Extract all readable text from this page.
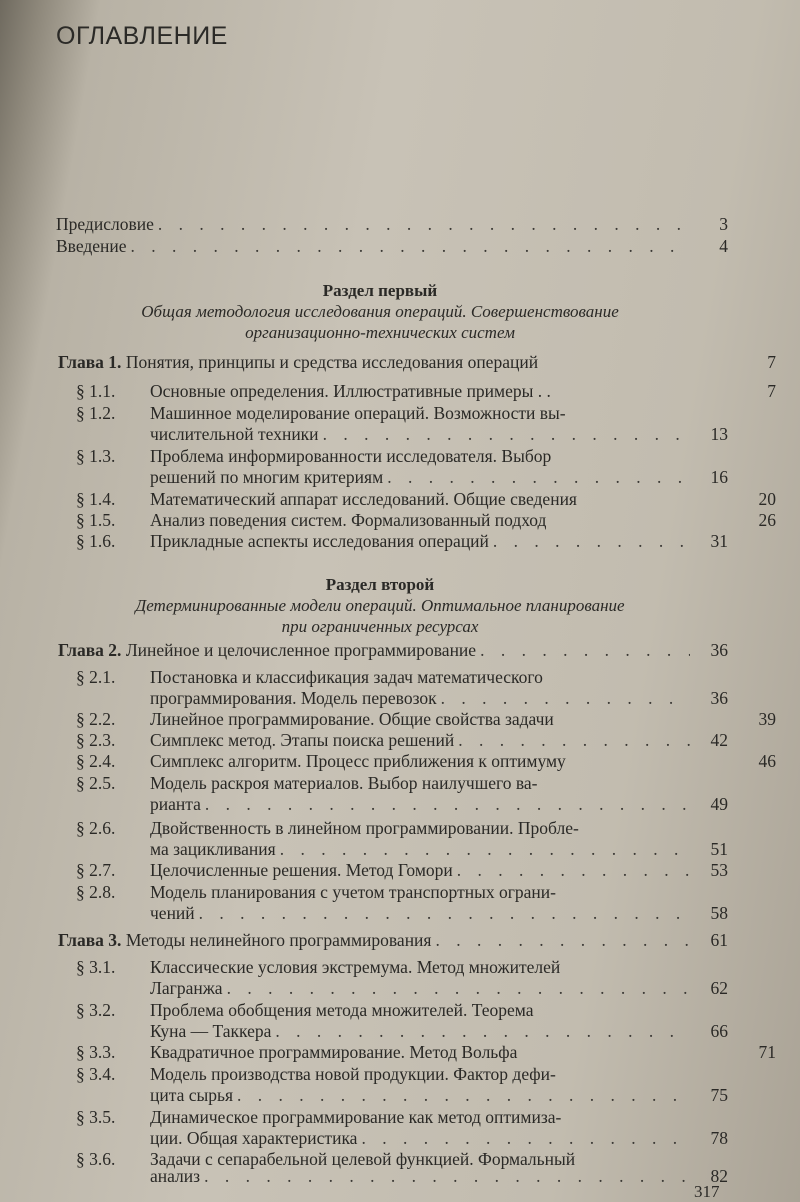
ОГЛАВЛЕНИЕ
Предисловие . . .	3
Введение . . .	4
Раздел первый
Общая методология исследования операций. Совершенствование
организационно-технических систем
Глава 1. Понятия, принципы и средства исследования операций	7
§ 1.1. Основные определения. Иллюстративные примеры . .	7
§ 1.2. Машинное моделирование операций. Возможности вы-
числительной техники . . .	13
§ 1.3. Проблема информированности исследователя. Выбор
решений по многим критериям . . .	16
§ 1.4. Математический аппарат исследований. Общие сведения	20
§ 1.5. Анализ поведения систем. Формализованный подход	26
§ 1.6. Прикладные аспекты исследования операций . . .	31
Раздел второй
Детерминированные модели операций. Оптимальное планирование
при ограниченных ресурсах
Глава 2. Линейное и целочисленное программирование . . .	36
§ 2.1. Постановка и классификация задач математического
программирования. Модель перевозок . . .	36
§ 2.2. Линейное программирование. Общие свойства задачи	39
§ 2.3. Симплекс метод. Этапы поиска решений . . .	42
§ 2.4. Симплекс алгоритм. Процесс приближения к оптимуму	46
§ 2.5. Модель раскроя материалов. Выбор наилучшего ва-
рианта . . .	49
§ 2.6. Двойственность в линейном программировании. Пробле-
ма зацикливания . . .	51
§ 2.7. Целочисленные решения. Метод Гомори . . .	53
§ 2.8. Модель планирования с учетом транспортных ограни-
чений . . .	58
Глава 3. Методы нелинейного программирования . . .	61
§ 3.1. Классические условия экстремума. Метод множителей
Лагранжа . . .	62
§ 3.2. Проблема обобщения метода множителей. Теорема
Куна — Таккера . . .	66
§ 3.3. Квадратичное программирование. Метод Вольфа	71
§ 3.4. Модель производства новой продукции. Фактор дефи-
цита сырья . . .	75
§ 3.5. Динамическое программирование как метод оптимиза-
ции. Общая характеристика . . .	78
§ 3.6. Задачи с сепарабельной целевой функцией. Формальный
анализ . . .	82
317
